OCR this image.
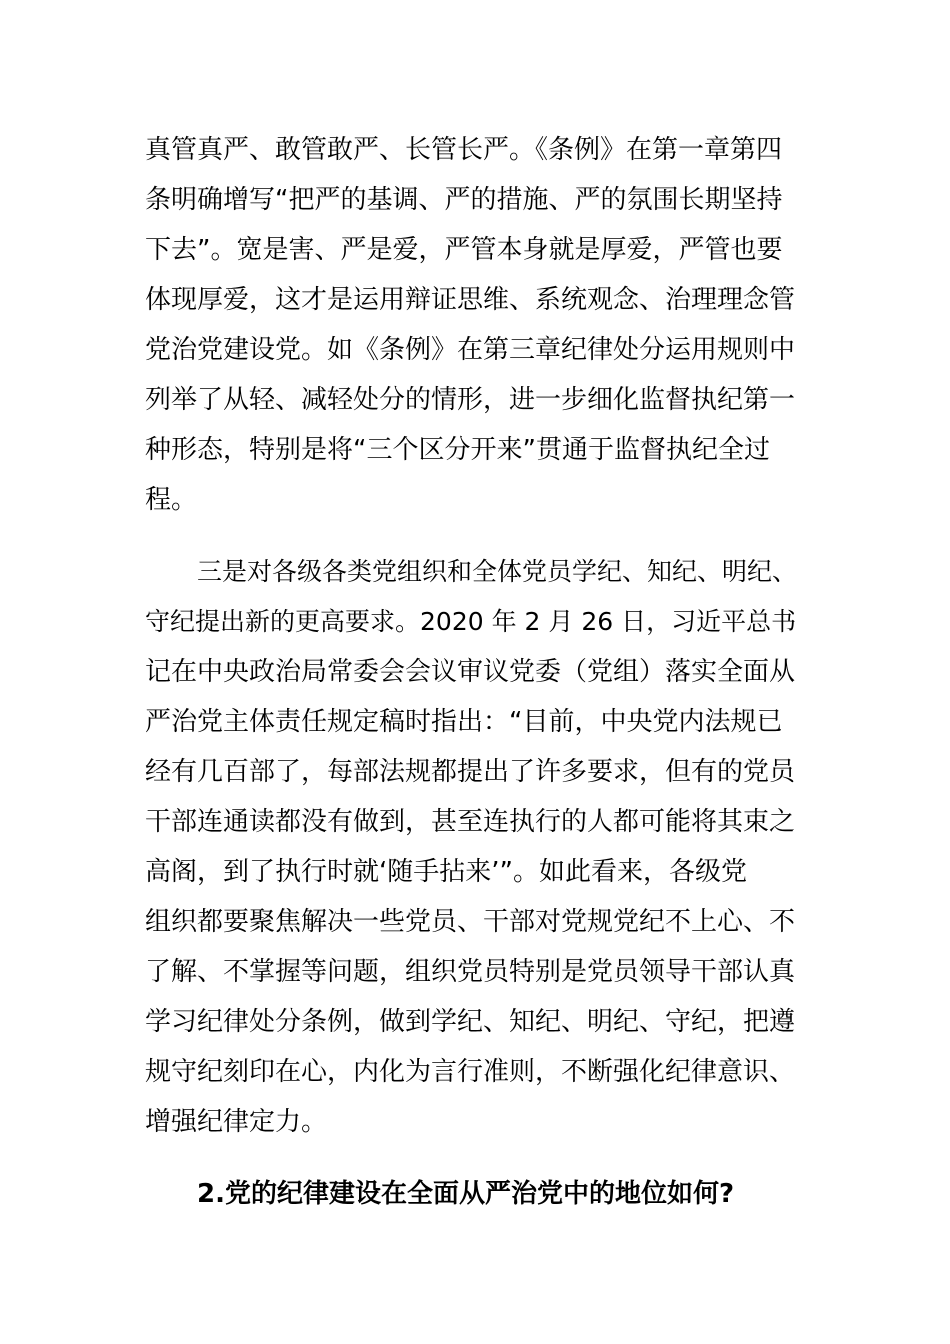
真管真严、敢管敢严、长管长严。《条例》在第一章第四
条明确增写“把严的基调、严的措施、严的氛围长期坚持
下去”。宽是害、严是爱，严管本身就是厚爱，严管也要
体现厚爱，这才是运用辩证思维、系统观念、治理理念管
党治党建设党。如《条例》在第三章纪律处分运用规则中
列举了从轻、减轻处分的情形，进一步细化监督执纪第一
种形态，特别是将“三个区分开来”贯通于监督执纪全过
程。
三是对各级各类党组织和全体党员学纪、知纪、明纪、
守纪提出新的更高要求。2020 年 2 月 26 日，习近平总书
记在中央政治局常委会会议审议党委（党组）落实全面从
严治党主体责任规定稿时指出：“目前，中央党内法规已
经有几百部了，每部法规都提出了许多要求，但有的党员
干部连通读都没有做到，甚至连执行的人都可能将其束之
高阁，到了执行时就‘随手拈来’”。如此看来，各级党
组织都要聚焦解决一些党员、干部对党规党纪不上心、不
了解、不掌握等问题，组织党员特别是党员领导干部认真
学习纪律处分条例，做到学纪、知纪、明纪、守纪，把遵
规守纪刻印在心，内化为言行准则，不断强化纪律意识、
增强纪律定力。
2.党的纪律建设在全面从严治党中的地位如何?
